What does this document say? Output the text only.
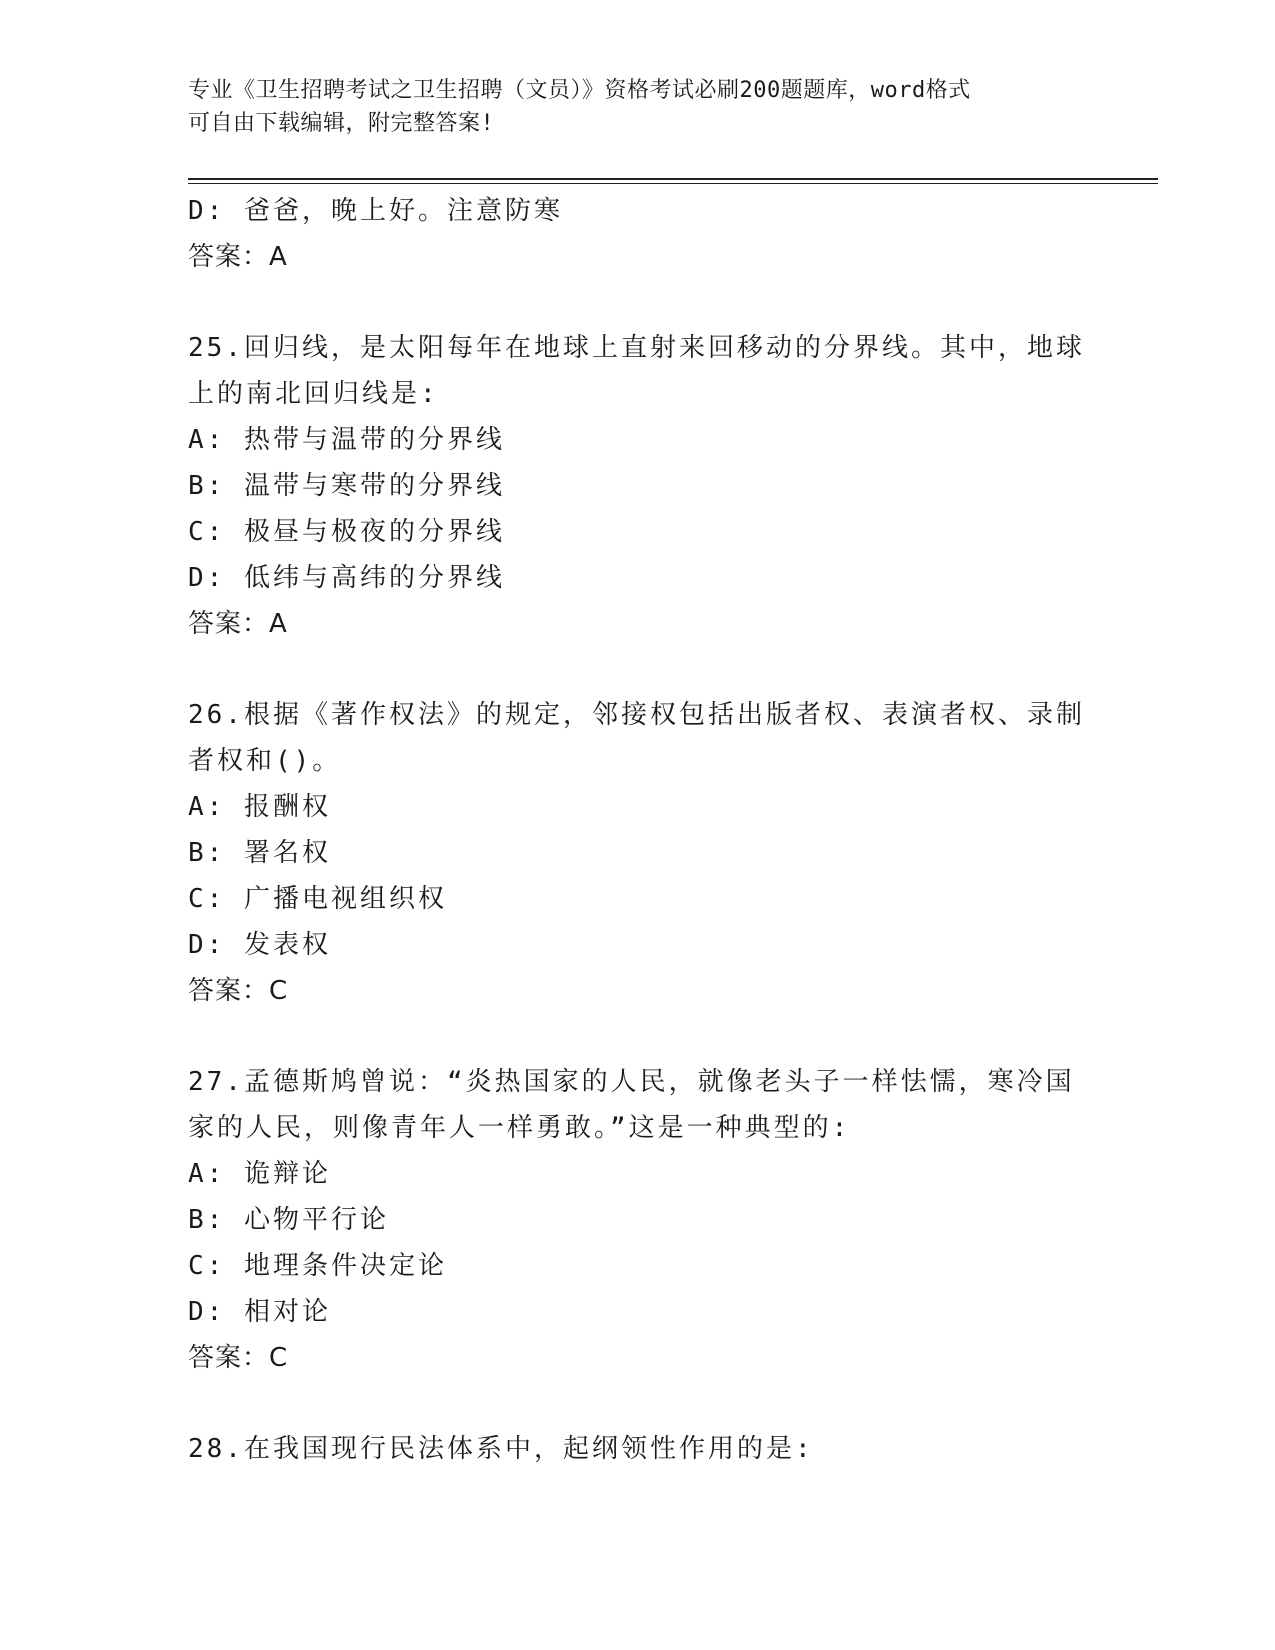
专业《卫生招聘考试之卫生招聘（文员）》资格考试必刷200题题库，word格式
可自由下载编辑，附完整答案!
D: 爸爸，晚上好。注意防寒
答案：A
25.回归线，是太阳每年在地球上直射来回移动的分界线。其中，地球
上的南北回归线是:
A: 热带与温带的分界线
B: 温带与寒带的分界线
C: 极昼与极夜的分界线
D: 低纬与高纬的分界线
答案：A
26.根据《著作权法》的规定，邻接权包括出版者权、表演者权、录制
者权和()。
A: 报酬权
B: 署名权
C: 广播电视组织权
D: 发表权
答案：C
27.孟德斯鸠曾说：“炎热国家的人民，就像老头子一样怯懦，寒冷国
家的人民，则像青年人一样勇敢。”这是一种典型的:
A: 诡辩论
B: 心物平行论
C: 地理条件决定论
D: 相对论
答案：C
28.在我国现行民法体系中，起纲领性作用的是:
